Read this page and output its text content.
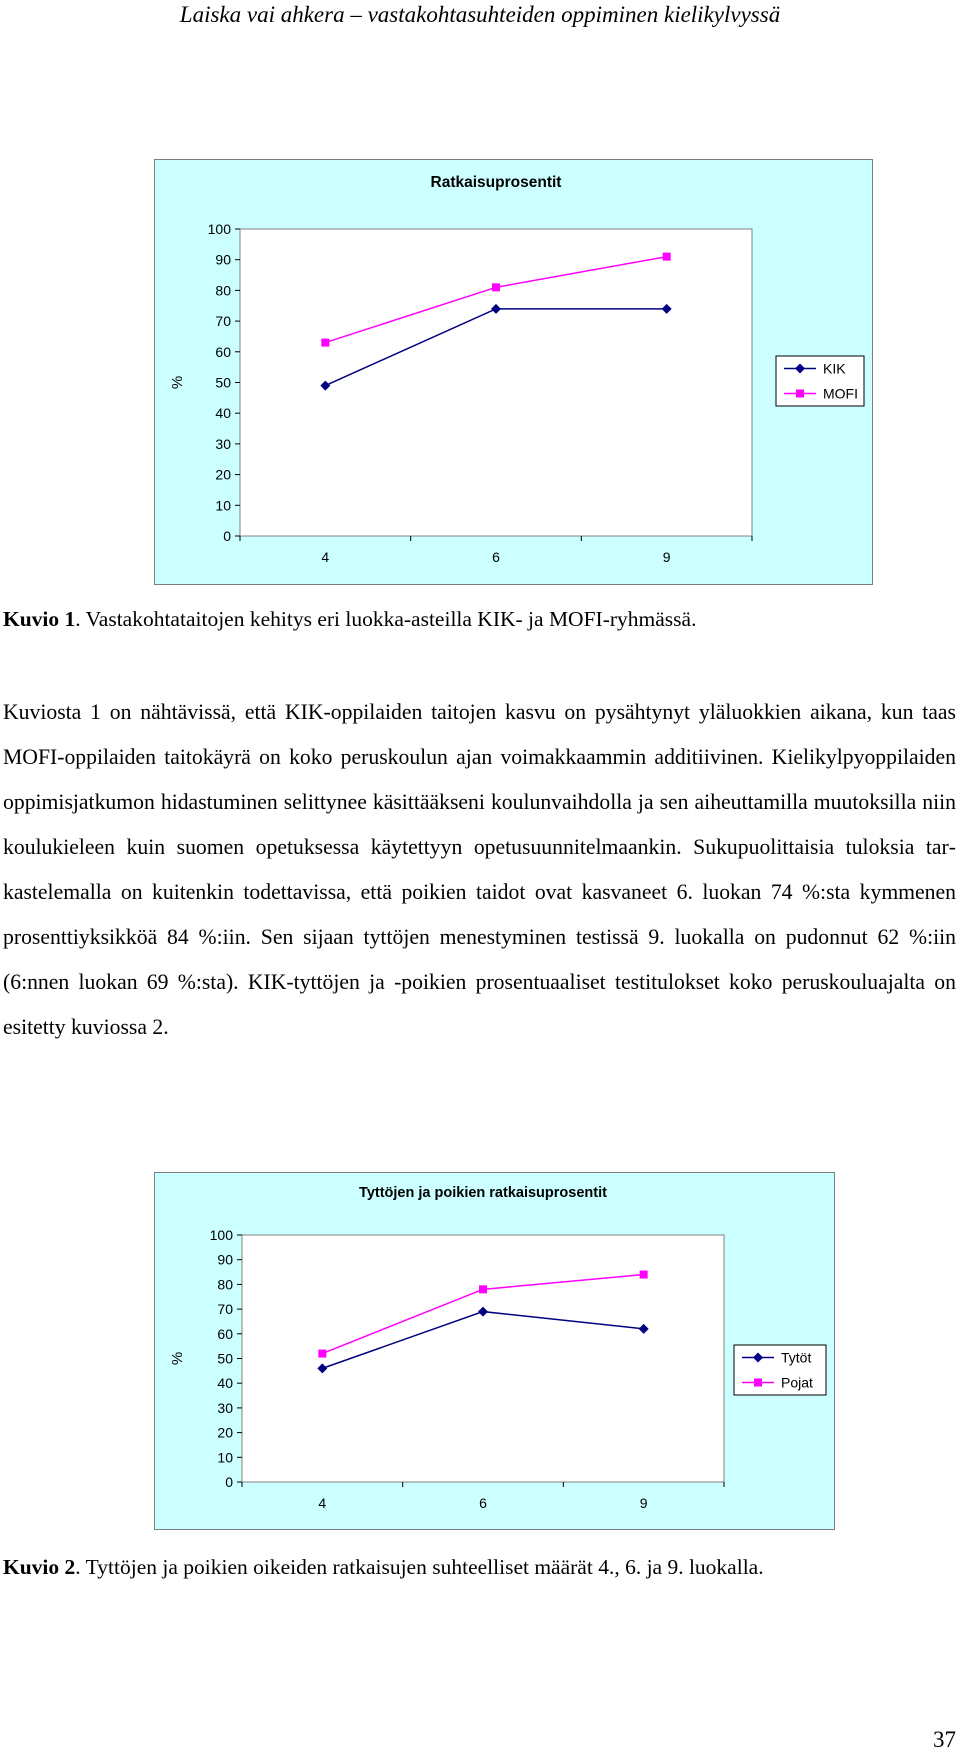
Laiska vai ahkera – vastakohtasuhteiden oppiminen kielikylvyssä
Ratkaisuprosentit
%
0
10
20
30
40
50
60
70
80
90
100
4	6	9
KIK
MOFI
Kuvio 1. Vastakohtataitojen kehitys eri luokka-asteilla KIK- ja MOFI-ryhmässä.

Kuviosta 1 on nähtävissä, että KIK-oppilaiden taitojen kasvu on pysähtynyt yläluokkien aikana, kun taas MOFI-oppilaiden taitokäyrä on koko peruskoulun ajan voimakkaammin additiivinen. Kielikylpyoppilaiden oppimisjatkumon hidastuminen selittynee käsittääkseni koulunvaihdolla ja sen aiheuttamilla muutoksilla niin koulukieleen kuin suomen opetuksessa käytettyyn opetusuunnitelmaankin. Sukupuolittaisia tuloksia tarkastelemalla on kuitenkin todettavissa, että poikien taidot ovat kasvaneet 6. luokan 74 %:sta kymmenen prosenttiyksikköä 84 %:iin. Sen sijaan tyttöjen menestyminen testissä 9. luokalla on pudonnut 62 %:iin (6:nnen luokan 69 %:sta). KIK-tyttöjen ja -poikien prosentuaaliset testitulokset koko peruskouluajalta on esitetty kuviossa 2.

Tyttöjen ja poikien ratkaisuprosentit
%
0
10
20
30
40
50
60
70
80
90
100
4	6	9
Tytöt
Pojat
Kuvio 2. Tyttöjen ja poikien oikeiden ratkaisujen suhteelliset määrät 4., 6. ja 9. luokalla.
37
